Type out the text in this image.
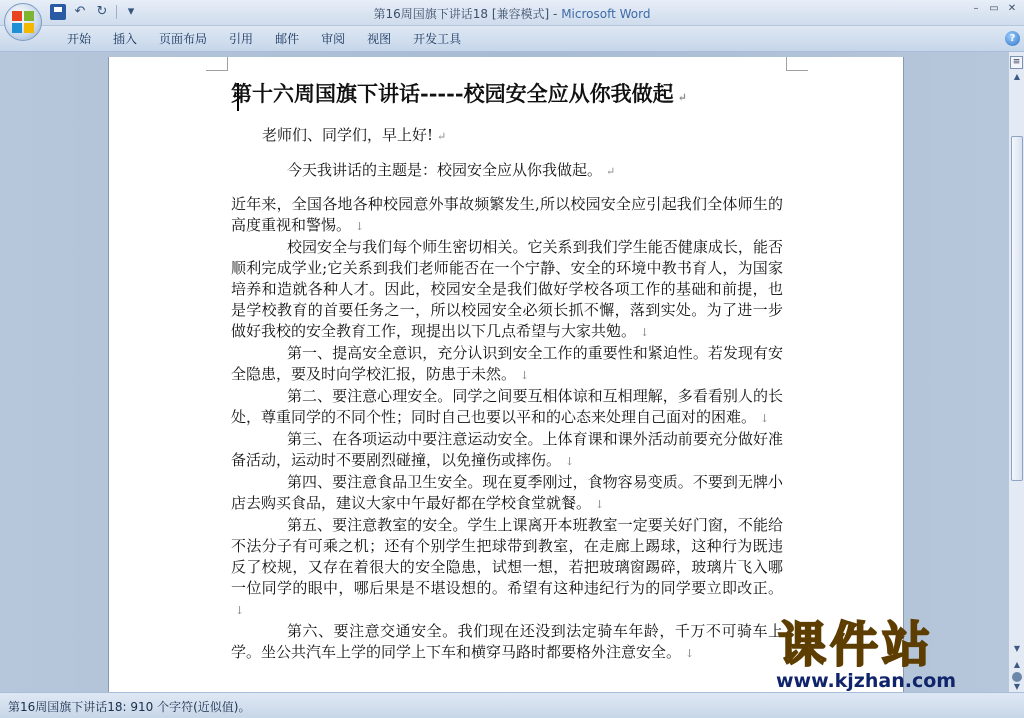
↶ ↻	▾	第16周国旗下讲话18 [兼容模式] - Microsoft Word	–	▭ ✕
开始	插入	页面布局	引用	邮件	审阅	视图	开发工具	?
第十六周国旗下讲话-----校园安全应从你我做起 ↵
老师们、同学们，早上好! ↵
今天我讲话的主题是：校园安全应从你我做起。 ↵
近年来，全国各地各种校园意外事故频繁发生,所以校园安全应引起我们全体师生的高度重视和警惕。 ↓
校园安全与我们每个师生密切相关。它关系到我们学生能否健康成长，能否顺利完成学业;它关系到我们老师能否在一个宁静、安全的环境中教书育人，为国家培养和造就各种人才。因此，校园安全是我们做好学校各项工作的基础和前提，也是学校教育的首要任务之一，所以校园安全必须长抓不懈，落到实处。为了进一步做好我校的安全教育工作，现提出以下几点希望与大家共勉。 ↓
第一、提高安全意识，充分认识到安全工作的重要性和紧迫性。若发现有安全隐患，要及时向学校汇报，防患于未然。 ↓
第二、要注意心理安全。同学之间要互相体谅和互相理解，多看看别人的长处，尊重同学的不同个性；同时自己也要以平和的心态来处理自己面对的困难。 ↓
第三、在各项运动中要注意运动安全。上体育课和课外活动前要充分做好准备活动，运动时不要剧烈碰撞，以免撞伤或摔伤。 ↓
第四、要注意食品卫生安全。现在夏季刚过，食物容易变质。不要到无牌小店去购买食品，建议大家中午最好都在学校食堂就餐。 ↓
第五、要注意教室的安全。学生上课离开本班教室一定要关好门窗，不能给不法分子有可乘之机；还有个别学生把球带到教室，在走廊上踢球，这种行为既违反了校规，又存在着很大的安全隐患，试想一想，若把玻璃窗踢碎，玻璃片飞入哪一位同学的眼中，哪后果是不堪设想的。希望有这种违纪行为的同学要立即改正。↓
第六、要注意交通安全。我们现在还没到法定骑车年龄，千万不可骑车上学。坐公共汽车上学的同学上下车和横穿马路时都要格外注意安全。 ↓
≡
▲
▼
▲
▼
课件站
www.kjzhan.com
第16周国旗下讲话18: 910 个字符(近似值)。
